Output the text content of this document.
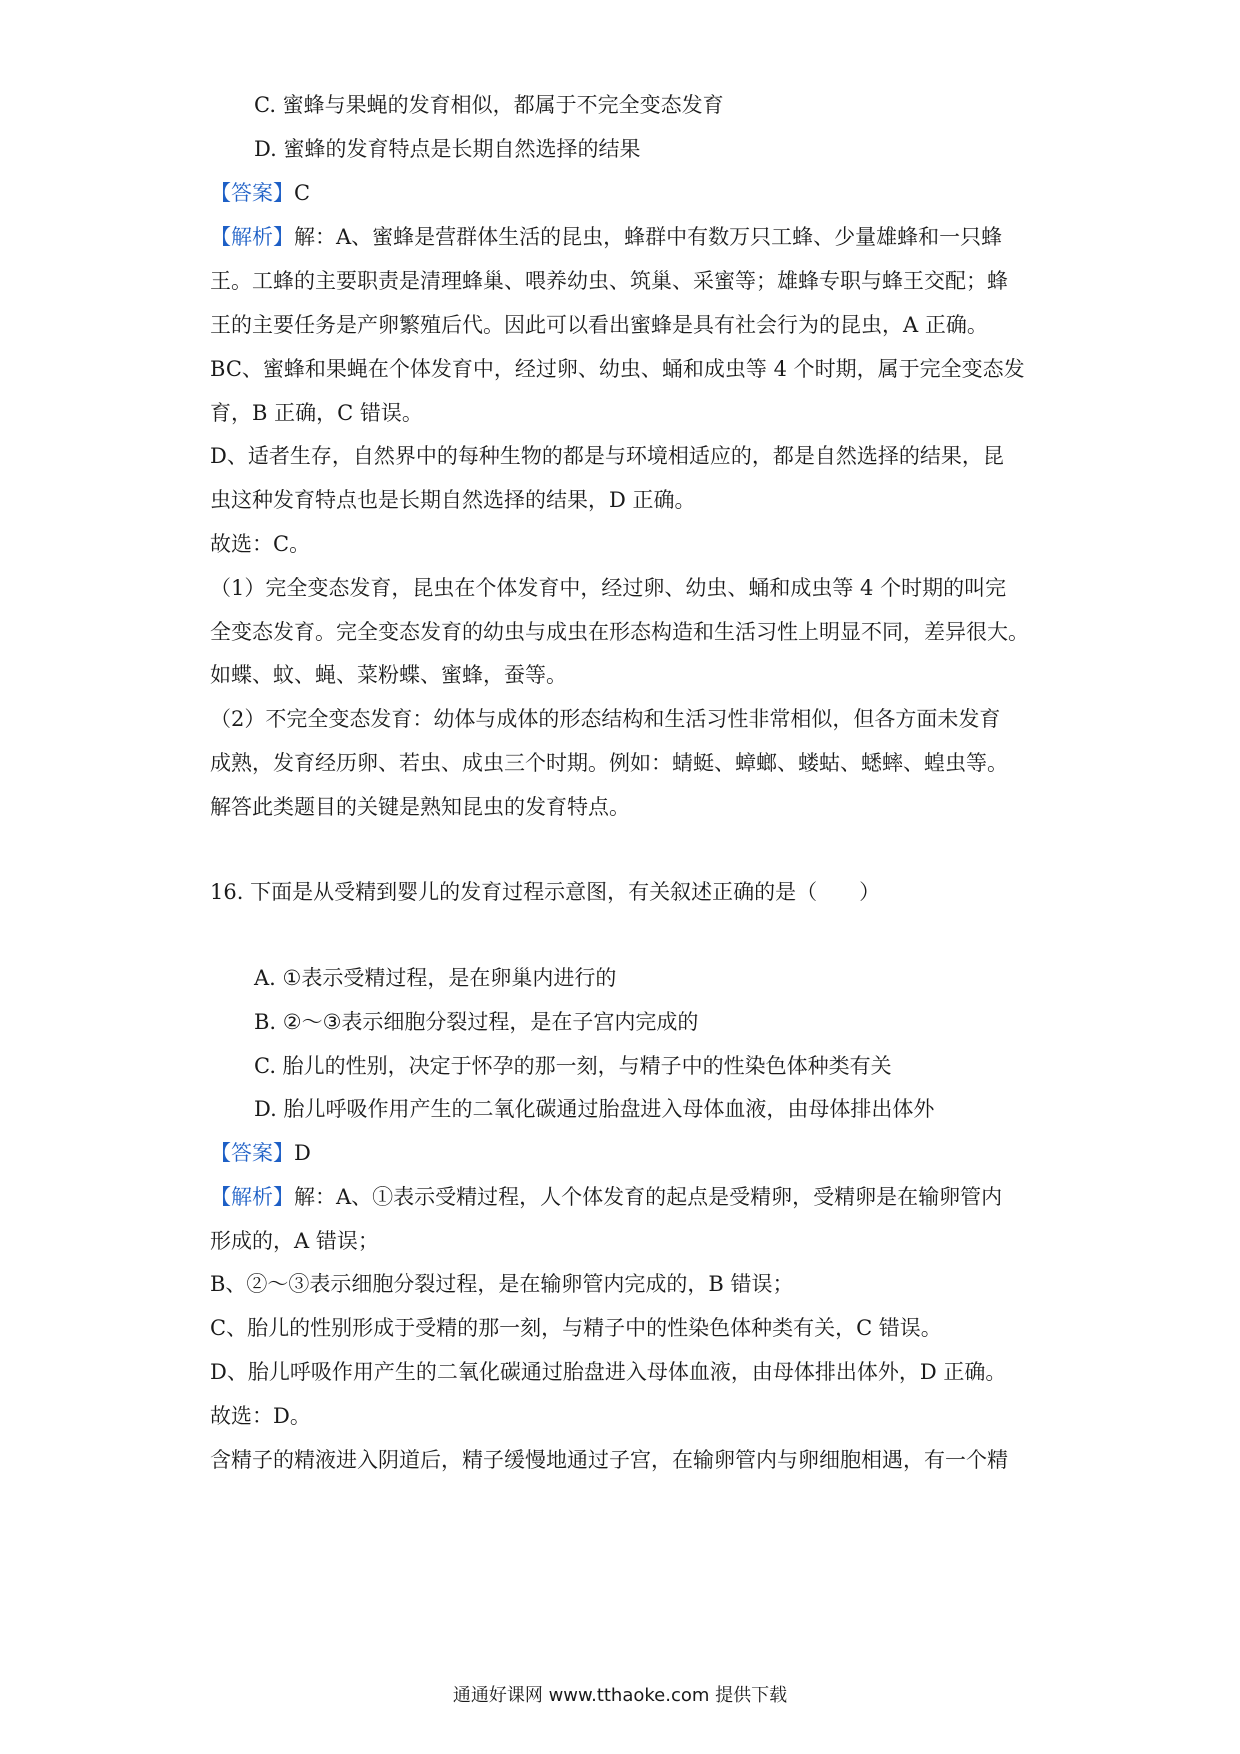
C. 蜜蜂与果蝇的发育相似，都属于不完全变态发育
D. 蜜蜂的发育特点是长期自然选择的结果
【答案】C
【解析】解：A、蜜蜂是营群体生活的昆虫，蜂群中有数万只工蜂、少量雄蜂和一只蜂
王。工蜂的主要职责是清理蜂巢、喂养幼虫、筑巢、采蜜等；雄蜂专职与蜂王交配；蜂
王的主要任务是产卵繁殖后代。因此可以看出蜜蜂是具有社会行为的昆虫，A 正确。
BC、蜜蜂和果蝇在个体发育中，经过卵、幼虫、蛹和成虫等 4 个时期，属于完全变态发
育，B 正确，C 错误。
D、适者生存，自然界中的每种生物的都是与环境相适应的，都是自然选择的结果，昆
虫这种发育特点也是长期自然选择的结果，D 正确。
故选：C。
（1）完全变态发育，昆虫在个体发育中，经过卵、幼虫、蛹和成虫等 4 个时期的叫完
全变态发育。完全变态发育的幼虫与成虫在形态构造和生活习性上明显不同，差异很大。
如蝶、蚊、蝇、菜粉蝶、蜜蜂，蚕等。
（2）不完全变态发育：幼体与成体的形态结构和生活习性非常相似，但各方面未发育
成熟，发育经历卵、若虫、成虫三个时期。例如：蜻蜓、蟑螂、蝼蛄、蟋蟀、蝗虫等。
解答此类题目的关键是熟知昆虫的发育特点。
16. 下面是从受精到婴儿的发育过程示意图，有关叙述正确的是（　　）
A. ①表示受精过程，是在卵巢内进行的
B. ②～③表示细胞分裂过程，是在子宫内完成的
C. 胎儿的性别，决定于怀孕的那一刻，与精子中的性染色体种类有关
D. 胎儿呼吸作用产生的二氧化碳通过胎盘进入母体血液，由母体排出体外
【答案】D
【解析】解：A、①表示受精过程，人个体发育的起点是受精卵，受精卵是在输卵管内
形成的，A 错误；
B、②～③表示细胞分裂过程，是在输卵管内完成的，B 错误；
C、胎儿的性别形成于受精的那一刻，与精子中的性染色体种类有关，C 错误。
D、胎儿呼吸作用产生的二氧化碳通过胎盘进入母体血液，由母体排出体外，D 正确。
故选：D。
含精子的精液进入阴道后，精子缓慢地通过子宫，在输卵管内与卵细胞相遇，有一个精
通通好课网 www.tthaoke.com 提供下载
